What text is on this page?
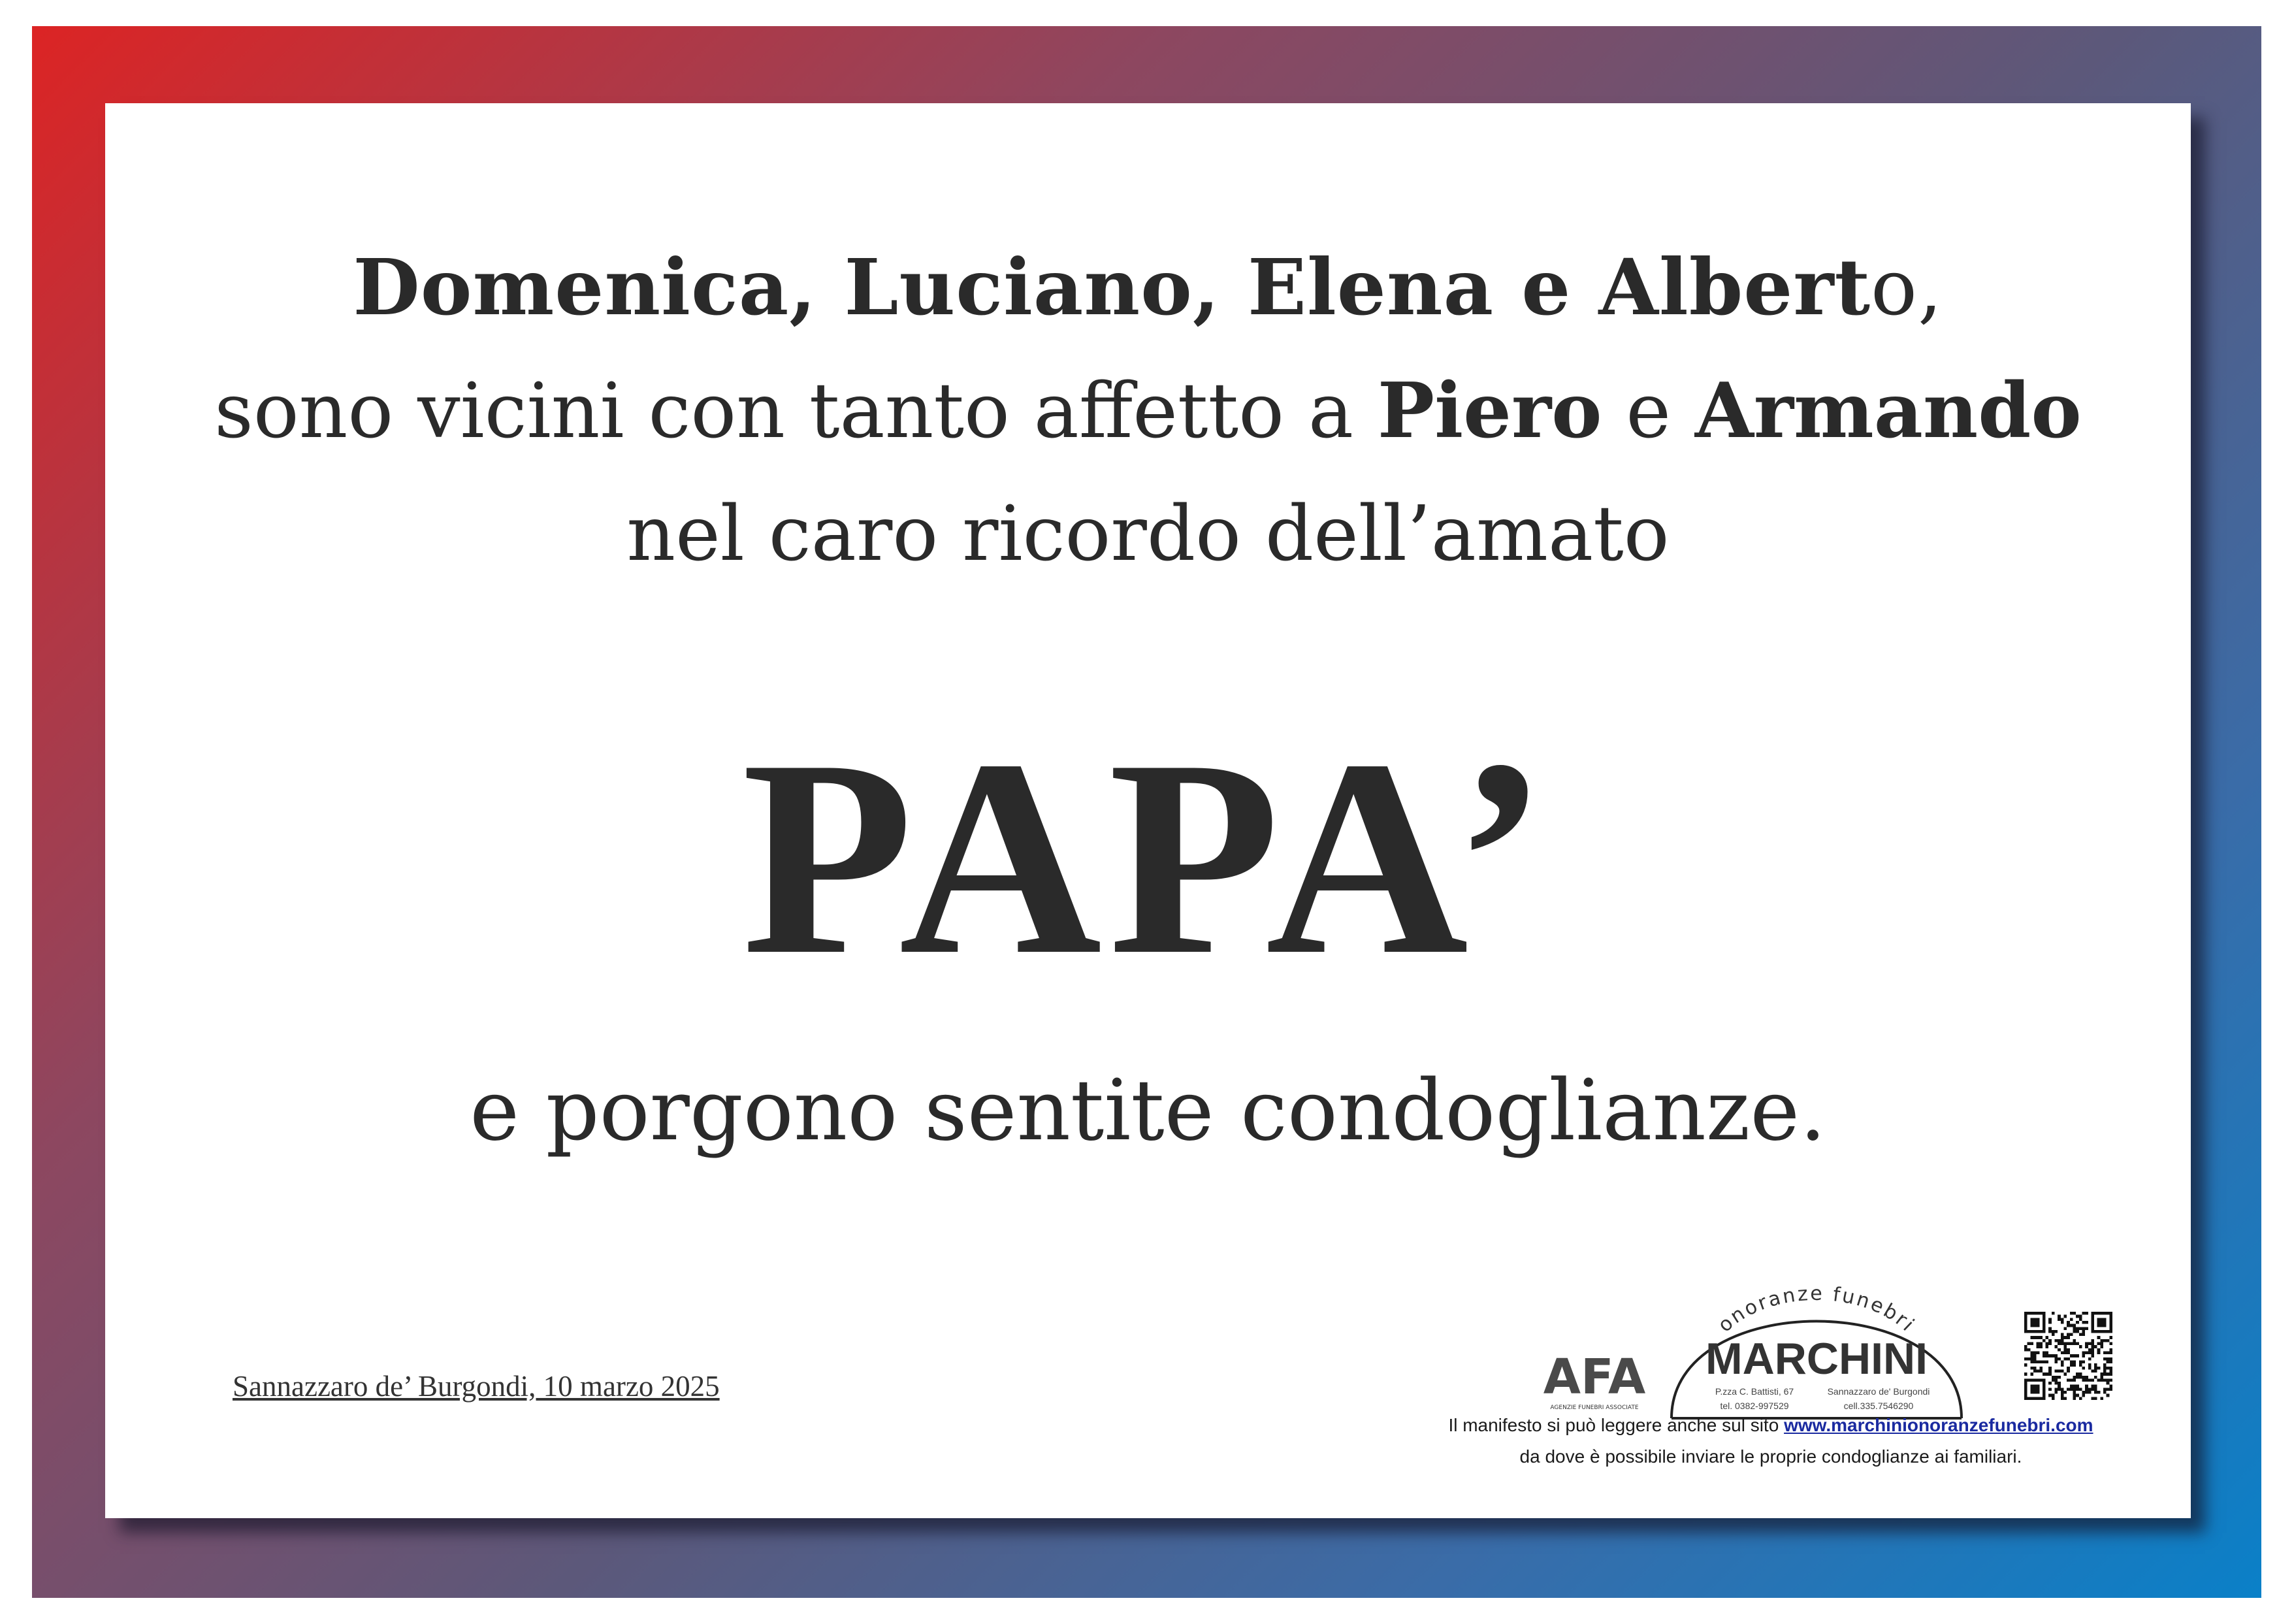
Domenica, Luciano, Elena e Alberto,
sono vicini con tanto affetto a Piero e Armando
nel caro ricordo dell’amato
PAPA’
e porgono sentite condoglianze.
Sannazzaro de’ Burgondi, 10 marzo 2025	AFA
AGENZIE FUNEBRI ASSOCIATE
onoranze funebri
MARCHINI
P.zza C. Battisti, 67	Sannazzaro de' Burgondi
tel. 0382-997529	cell.335.7546290
Il manifesto si può leggere anche sul sito www.marchinionoranzefunebri.com
da dove è possibile inviare le proprie condoglianze ai familiari.
